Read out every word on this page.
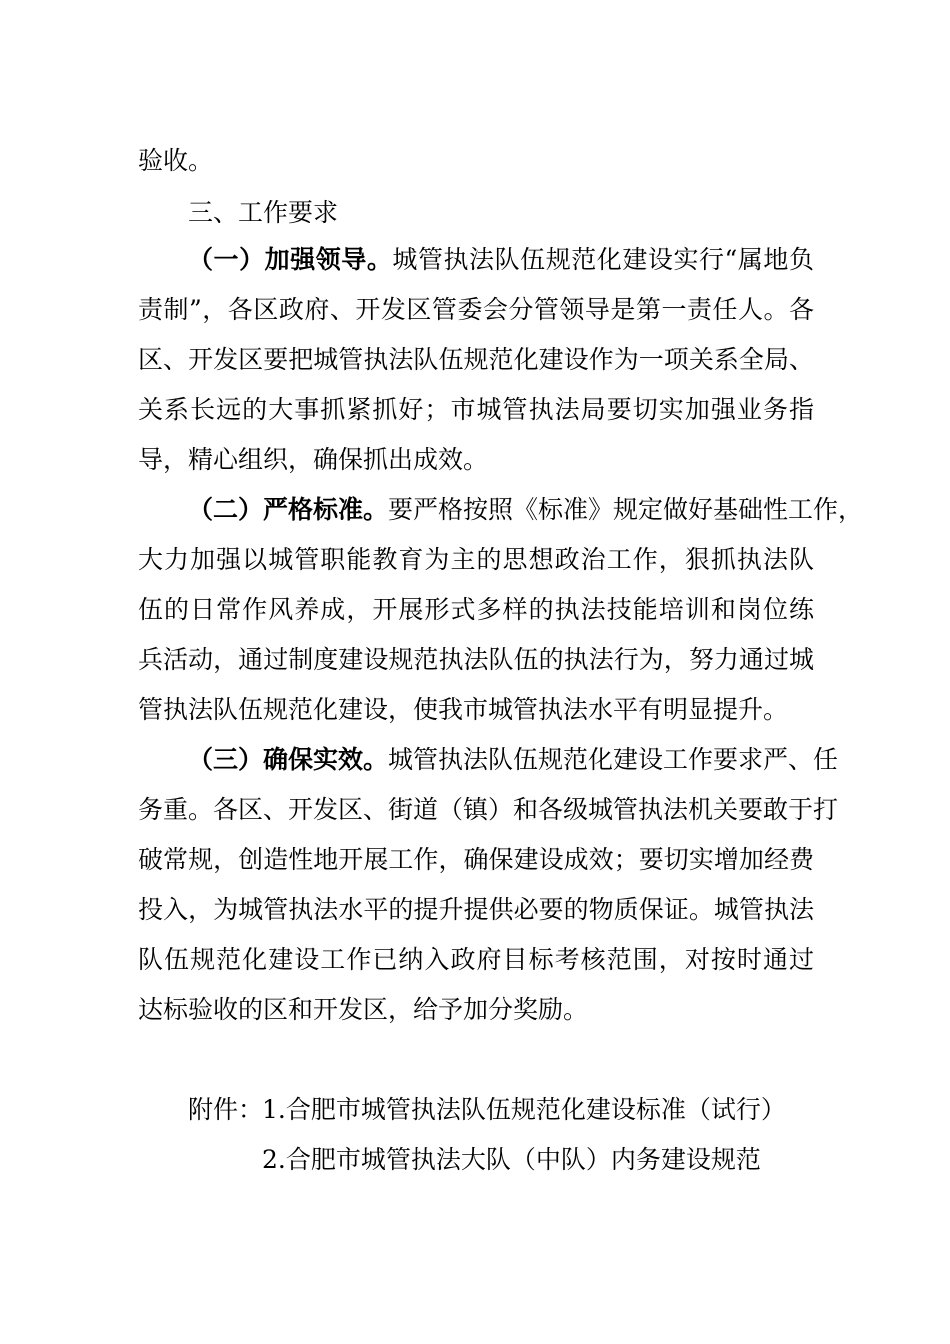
验收。
三、工作要求
（一）加强领导。城管执法队伍规范化建设实行“属地负
责制”，各区政府、开发区管委会分管领导是第一责任人。各
区、开发区要把城管执法队伍规范化建设作为一项关系全局、
关系长远的大事抓紧抓好；市城管执法局要切实加强业务指
导，精心组织，确保抓出成效。
（二）严格标准。要严格按照《标准》规定做好基础性工作，
大力加强以城管职能教育为主的思想政治工作，狠抓执法队
伍的日常作风养成，开展形式多样的执法技能培训和岗位练
兵活动，通过制度建设规范执法队伍的执法行为，努力通过城
管执法队伍规范化建设，使我市城管执法水平有明显提升。
（三）确保实效。城管执法队伍规范化建设工作要求严、任
务重。各区、开发区、街道（镇）和各级城管执法机关要敢于打
破常规，创造性地开展工作，确保建设成效；要切实增加经费
投入，为城管执法水平的提升提供必要的物质保证。城管执法
队伍规范化建设工作已纳入政府目标考核范围，对按时通过
达标验收的区和开发区，给予加分奖励。
附件：
1.合肥市城管执法队伍规范化建设标准（试行）
2.合肥市城管执法大队（中队）内务建设规范
